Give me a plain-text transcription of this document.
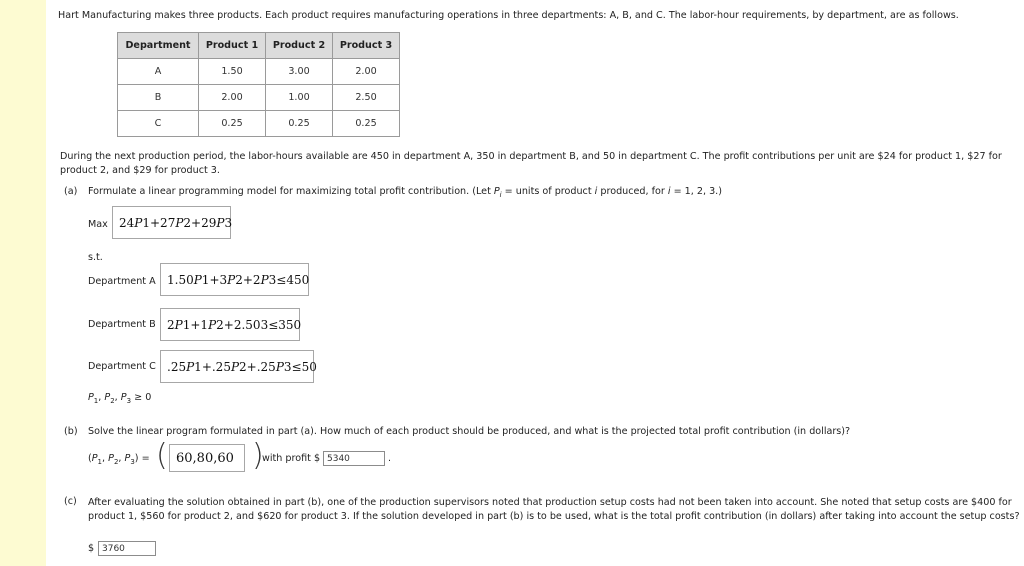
Hart Manufacturing makes three products. Each product requires manufacturing operations in three departments: A, B, and C. The labor-hour requirements, by department, are as follows.
Department	Product 1	Product 2	Product 3
A	1.50	3.00	2.00
B	2.00	1.00	2.50
C	0.25	0.25	0.25
During the next production period, the labor-hours available are 450 in department A, 350 in department B, and 50 in department C. The profit contributions per unit are $24 for product 1, $27 for product 2, and $29 for product 3.
(a) Formulate a linear programming model for maximizing total profit contribution. (Let $P_i$ = units of product i produced, for i = 1, 2, 3.)
Max 24 P 1 +27 P 2 +29 P 3
s.t.
Department A 1.50 P 1 +3 P 2 +2 P 3 ≤450
Department B 2 P 1 +1 P 2 +2.50 3 ≤350
Department C .25 P 1 +.25 P 2 +.25 P 3 ≤50
$P_1$, $P_2$, $P_3 \ge 0$
(b) Solve the linear program formulated in part (a). How much of each product should be produced, and what is the projected total profit contribution (in dollars)?
($P_1$, $P_2$, $P_3$) = ( 60,80,60 )
with profit $ 5340	.
(c) After evaluating the solution obtained in part (b), one of the production supervisors noted that production setup costs had not been taken into account. She noted that setup costs are $400 for product 1, $560 for product 2, and $620 for product 3. If the solution developed in part (b) is to be used, what is the total profit contribution (in dollars) after taking into account the setup costs?
$ 3760
